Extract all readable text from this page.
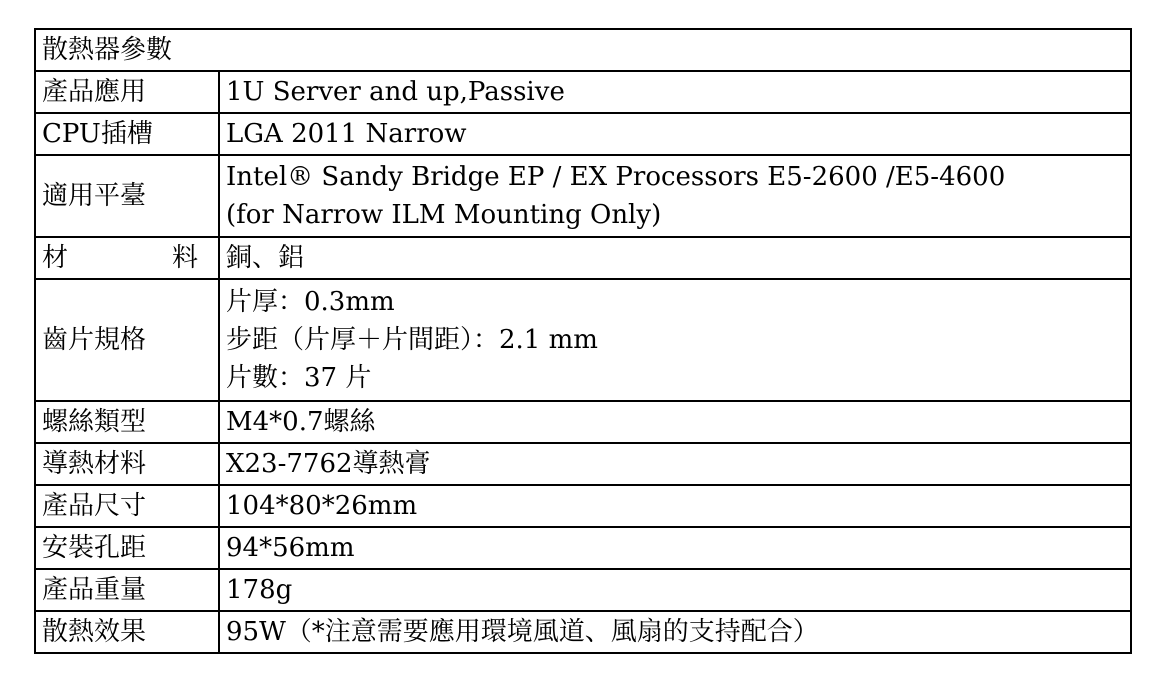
散熱器參數	
產品應用	1U Server and up,Passive

CPU插槽	LGA 2011 Narrow

適用平臺	Intel® Sandy Bridge EP / EX Processors E5-2600 /E5-4600
(for Narrow ILM Mounting Only)

材 料	銅、鋁

齒片規格	片厚：0.3mm
步距（片厚＋片間距）：2.1 mm
片數：37 片

螺絲類型	M4*0.7螺絲

導熱材料	X23-7762導熱膏

產品尺寸	104*80*26mm

安裝孔距	94*56mm

產品重量	178g

散熱效果	95W（*注意需要應用環境風道、風扇的支持配合）
